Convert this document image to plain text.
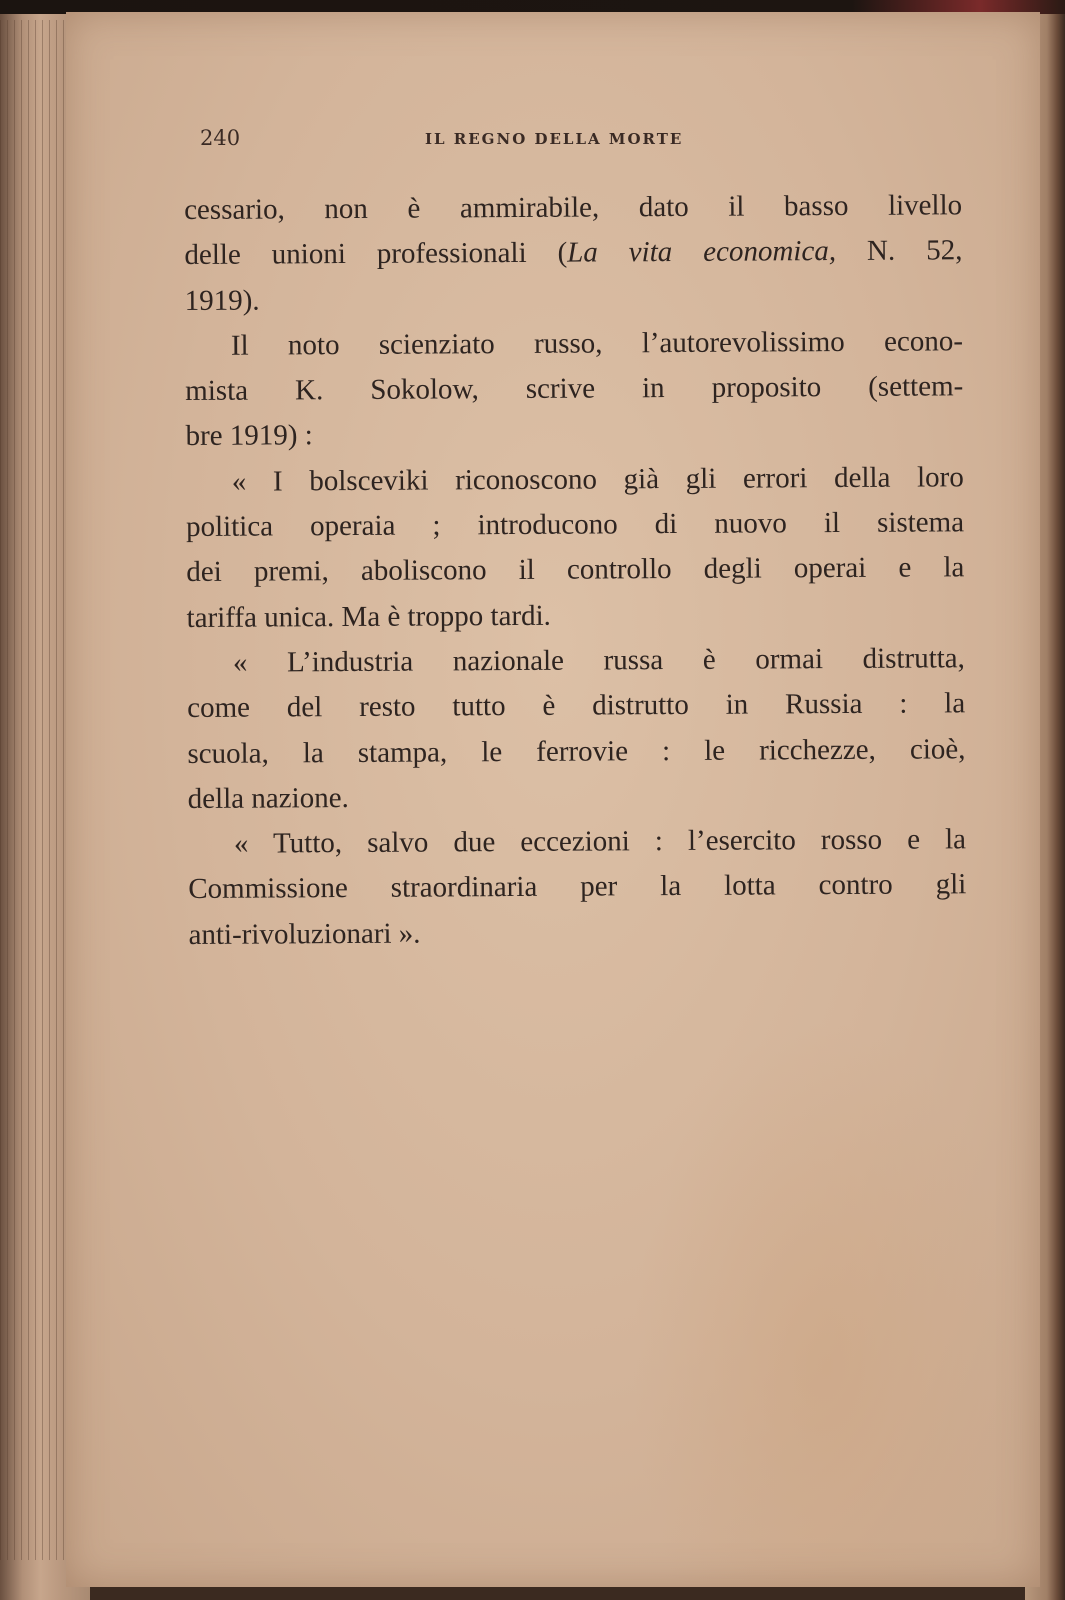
240	IL REGNO DELLA MORTE
cessario, non è ammirabile, dato il basso livello
delle unioni professionali (La vita economica, N. 52,
1919).
Il noto scienziato russo, l’autorevolissimo econo-
mista K. Sokolow, scrive in proposito (settem-
bre 1919) :
« I bolsceviki riconoscono già gli errori della loro
politica operaia ; introducono di nuovo il sistema
dei premi, aboliscono il controllo degli operai e la
tariffa unica. Ma è troppo tardi.
« L’industria nazionale russa è ormai distrutta,
come del resto tutto è distrutto in Russia : la
scuola, la stampa, le ferrovie : le ricchezze, cioè,
della nazione.
« Tutto, salvo due eccezioni : l’esercito rosso e la
Commissione straordinaria per la lotta contro gli
anti-rivoluzionari ».
